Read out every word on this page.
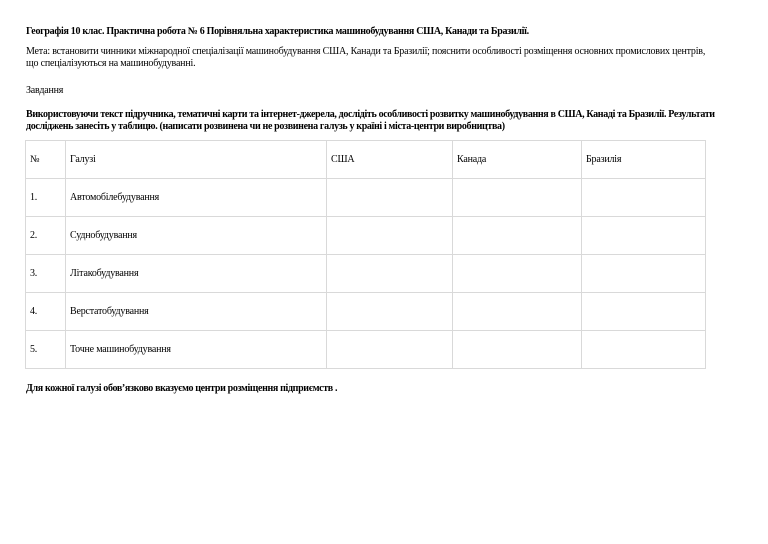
Географія 10 клас. Практична робота № 6 Порівняльна характеристика машинобудування США, Канади та Бразилії.
Мета: встановити чинники міжнародної спеціалізації машинобудування США, Канади та Бразилії; пояснити особливості розміщення основних промислових центрів, що спеціалізуються на машинобудуванні.
Завдання
Використовуючи текст підручника, тематичні карти та інтернет-джерела, дослідіть особливості розвитку машинобудування в США, Канаді та Бразилії. Результати досліджень занесіть у таблицю. (написати розвинена чи не розвинена галузь у країні і міста-центри виробництва)
№	Галузі	США	Канада	Бразилія
1.	Автомобілебудування			
2.	Суднобудування			
3.	Літакобудування			
4.	Верстатобудування			
5.	Точне машинобудування			
Для кожної галузі обов’язково вказуємо центри розміщення підприємств .
